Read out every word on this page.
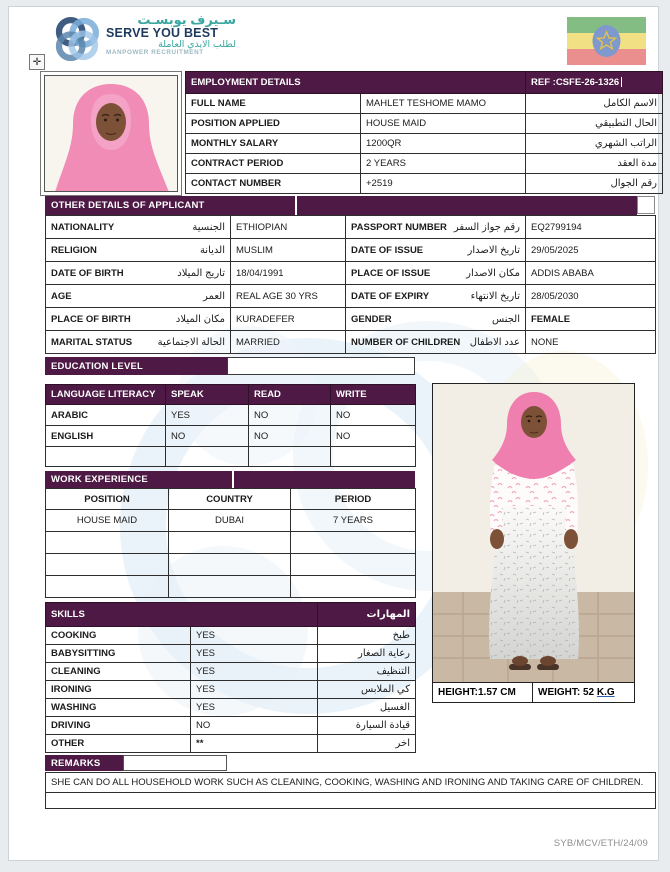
سـيرف يوبسـت
SERVE YOU BEST
لطلب الايدي العاملة
MANPOWER RECRUITMENT
✛
EMPLOYMENT DETAILS		REF :CSFE-26-1326
FULL NAME	MAHLET TESHOME MAMO	الاسم الكامل
POSITION APPLIED	HOUSE MAID	الحال التطبيقي
MONTHLY SALARY	1200QR	الراتب الشهري
CONTRACT PERIOD	2 YEARS	مدة العقد
CONTACT NUMBER	+2519	رقم الجوال
OTHER DETAILS OF APPLICANT
NATIONALITY الجنسية	ETHIOPIAN	PASSPORT NUMBER رقم جواز السفر	EQ2799194

RELIGION الديانة	MUSLIM	DATE OF ISSUE تاريخ الاصدار	29/05/2025

DATE OF BIRTH تاريج الميلاد	18/04/1991	PLACE OF ISSUE مكان الاصدار	ADDIS ABABA

AGE العمر	REAL AGE 30 YRS	DATE OF EXPIRY تاريخ الانتهاء	28/05/2030

PLACE OF BIRTH مكان الميلاد	KURADEFER	GENDER الجنس	FEMALE

MARITAL STATUS الحالة الاجتماعية	MARRIED	NUMBER OF CHILDREN عدد الاطفال	NONE
EDUCATION LEVEL
LANGUAGE LITERACY	SPEAK	READ	WRITE
ARABIC	YES	NO	NO
ENGLISH	NO	NO	NO

WORK EXPERIENCE
POSITION	COUNTRY	PERIOD
HOUSE MAID	DUBAI	7 YEARS

HEIGHT:1.57 CM	WEIGHT: 52 K.G
SKILLS		المهارات
COOKING	YES	طبخ
BABYSITTING	YES	رعاية الصغار
CLEANING	YES	التنظيف
IRONING	YES	كي الملابس
WASHING	YES	الغسيل
DRIVING	NO	قيادة السيارة
OTHER	**	اخر
REMARKS
SHE CAN DO ALL HOUSEHOLD WORK SUCH AS CLEANING, COOKING, WASHING AND IRONING AND TAKING CARE OF CHILDREN.

SYB/MCV/ETH/24/09
